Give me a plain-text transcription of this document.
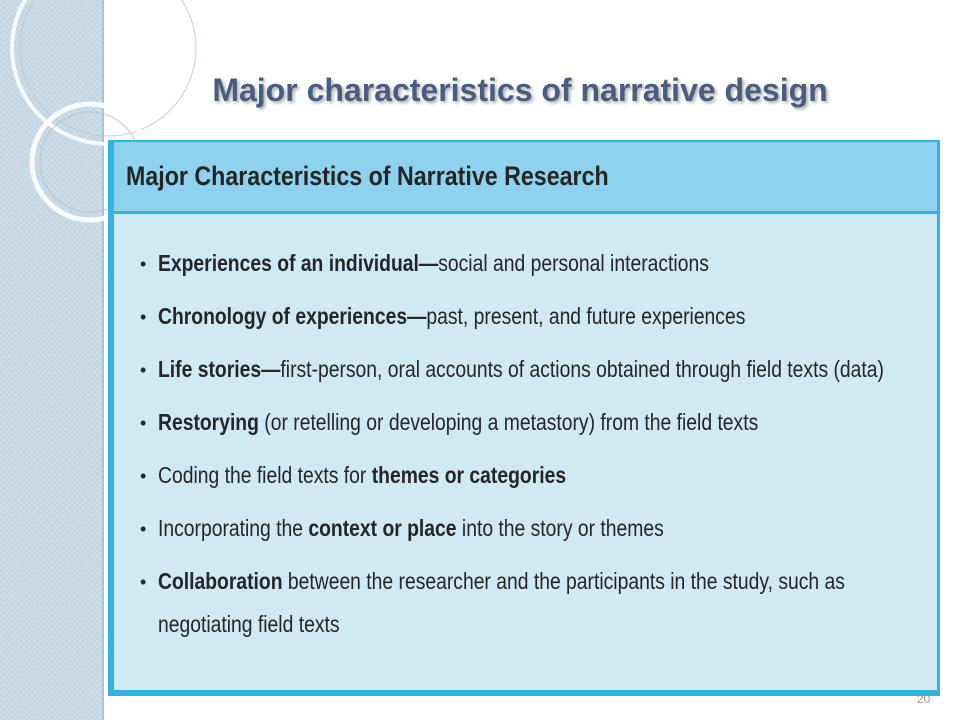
Major characteristics of narrative design
Major Characteristics of Narrative Research
• Experiences of an individual—social and personal interactions
• Chronology of experiences—past, present, and future experiences
• Life stories—first-person, oral accounts of actions obtained through field texts (data)
• Restorying (or retelling or developing a metastory) from the field texts
• Coding the field texts for themes or categories
• Incorporating the context or place into the story or themes
• Collaboration between the researcher and the participants in the study, such as
negotiating field texts
20
